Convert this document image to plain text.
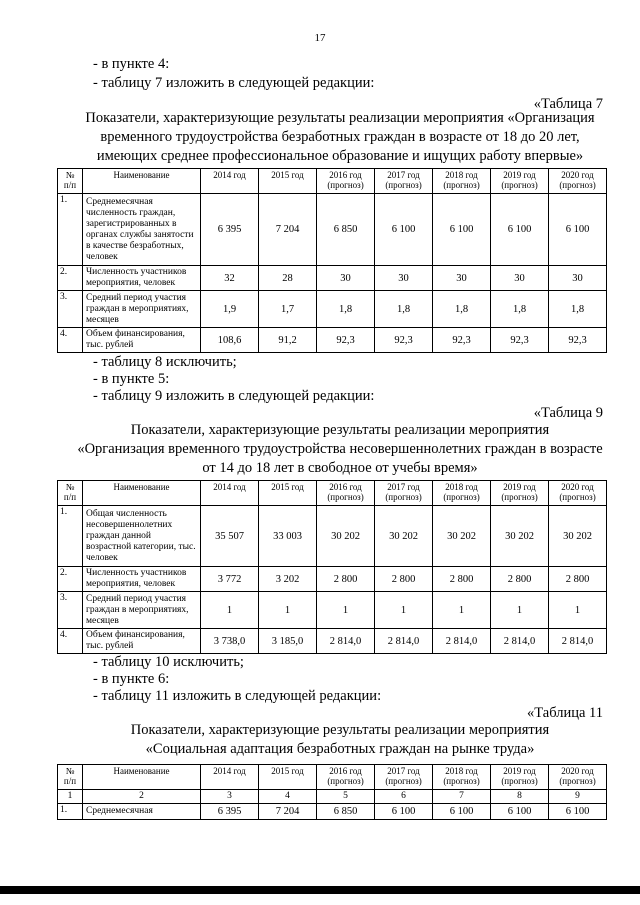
17
- в пункте 4:
- таблицу 7 изложить в следующей редакции:
«Таблица 7
Показатели, характеризующие результаты реализации мероприятия «Организация
временного трудоустройства безработных граждан в возрасте от 18 до 20 лет,
имеющих среднее профессиональное образование и ищущих работу впервые»
№ п/п	Наименование	2014 год	2015 год	2016 год (прогноз)	2017 год (прогноз)	2018 год (прогноз)	2019 год (прогноз)	2020 год (прогноз)
1.	Среднемесячная численность граждан, зарегистрированных в органах службы занятости в качестве безработных, человек	6 395	7 204	6 850	6 100	6 100	6 100	6 100
2.	Численность участников мероприятия, человек	32	28	30	30	30	30	30
3.	Средний период участия граждан в мероприятиях, месяцев	1,9	1,7	1,8	1,8	1,8	1,8	1,8
4.	Объем финансирования, тыс. рублей	108,6	91,2	92,3	92,3	92,3	92,3	92,3
- таблицу 8 исключить;
- в пункте 5:
- таблицу 9 изложить в следующей редакции:
«Таблица 9
Показатели, характеризующие результаты реализации мероприятия
«Организация временного трудоустройства несовершеннолетних граждан в возрасте
от 14 до 18 лет в свободное от учебы время»
№ п/п	Наименование	2014 год	2015 год	2016 год (прогноз)	2017 год (прогноз)	2018 год (прогноз)	2019 год (прогноз)	2020 год (прогноз)
1.	Общая численность несовершеннолетних граждан данной возрастной категории, тыс. человек	35 507	33 003	30 202	30 202	30 202	30 202	30 202
2.	Численность участников мероприятия, человек	3 772	3 202	2 800	2 800	2 800	2 800	2 800
3.	Средний период участия граждан в мероприятиях, месяцев	1	1	1	1	1	1	1
4.	Объем финансирования, тыс. рублей	3 738,0	3 185,0	2 814,0	2 814,0	2 814,0	2 814,0	2 814,0
- таблицу 10 исключить;
- в пункте 6:
- таблицу 11 изложить в следующей редакции:
«Таблица 11
Показатели, характеризующие результаты реализации мероприятия
«Социальная адаптация безработных граждан на рынке труда»
№ п/п	Наименование	2014 год	2015 год	2016 год (прогноз)	2017 год (прогноз)	2018 год (прогноз)	2019 год (прогноз)	2020 год (прогноз)
1	2	3	4	5	6	7	8	9
1.	Среднемесячная	6 395	7 204	6 850	6 100	6 100	6 100	6 100
